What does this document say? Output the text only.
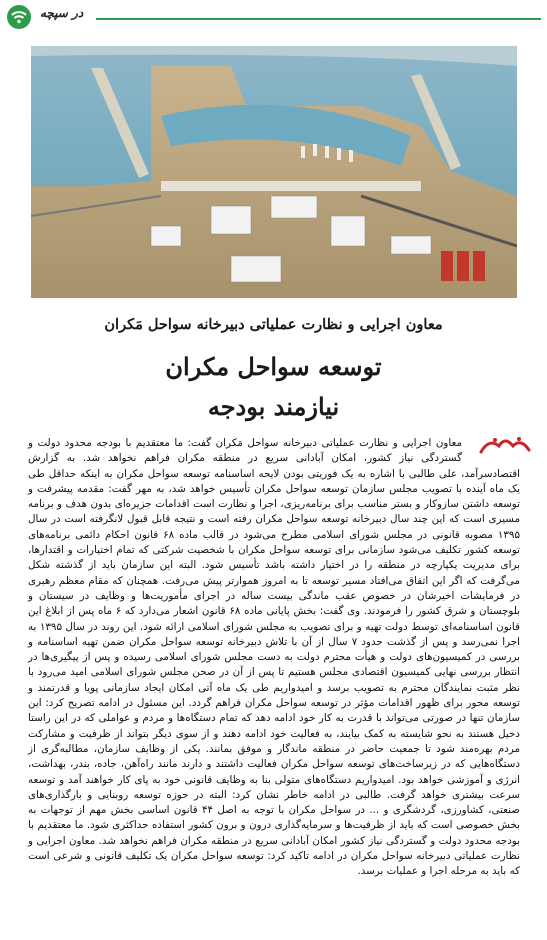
در سپچه
معاون اجرایی و نظارت عملیاتی دبیرخانه سواحل مَکران
توسعه سواحل مکران
نیازمند بودجه

معاون اجرایی و نظارت عملیاتی دبیرخانه سواحل مَکران گفت: ما معتقدیم با بودجه محدود دولت و گستردگی نیاز کشور، امکان آبادانی سریع در منطقه مکران فراهم نخواهد شد. به گزارش اقتصادسرآمد، علی طالبی با اشاره به یک فوریتی بودن لایحه اساسنامه توسعه سواحل مکران به اینکه حداقل طی یک ماه آینده با تصویب مجلس سازمان توسعه سواحل مکران تأسیس خواهد شد، به مهر گفت: مقدمه پیشرفت و توسعه داشتن سازوکار و بستر مناسب برای برنامه‌ریزی، اجرا و نظارت است اقدامات جزیره‌ای بدون هدف و برنامه مسیری است که این چند سال دبیرخانه توسعه سواحل مکران رفته است و نتیجه قابل قبول لانگرفته است در سال ۱۳۹۵ مصوبه قانونی در مجلس شورای اسلامی مطرح می‌شود در قالب ماده ۶۸ قانون احکام دائمی برنامه‌های توسعه کشور تکلیف می‌شود سازمانی برای توسعه سواحل مکران با شخصیت شرکتی که تمام اختیارات و اقتدارها، برای مدیریت یکپارچه در منطقه را در اختیار داشته باشد تأسیس شود. البته این سازمان باید از گذشته شکل می‌گرفت که اگر این اتفاق می‌افتاد مسیر توسعه تا به امروز هموارتر پیش می‌رفت. همچنان که مقام معظم رهبری در فرمایشات اخیرشان در خصوص عقب ماندگی بیست ساله در اجرای مأموریت‌ها و وظایف در سیستان و بلوچستان و شرق کشور را فرمودند. وی گفت: بخش پایانی ماده ۶۸ قانون اشعار می‌دارد که ۶ ماه پس از ابلاغ این قانون اساسنامه‌ای توسط دولت تهیه و برای تصویب به مجلس شورای اسلامی ارائه شود. این روند در سال ۱۳۹۵ به اجرا نمی‌رسد و پس از گذشت حدود ۷ سال از آن با تلاش دبیرخانه توسعه سواحل مکران ضمن تهیه اساسنامه و بررسی در کمیسیون‌های دولت و هیأت محترم دولت به دست مجلس شورای اسلامی رسیده و پس از پیگیری‌ها در انتظار بررسی نهایی کمیسیون اقتصادی مجلس هستیم تا پس از آن در صحن مجلس شورای اسلامی امید می‌رود با نظر مثبت نمایندگان محترم به تصویب برسد و امیدواریم طی یک ماه آتی امکان ایجاد سازمانی پویا و قدرتمند و توسعه محور برای ظهور اقدامات مؤثر در توسعه سواحل مکران فراهم گردد. این مسئول در ادامه تصریح کرد: این سازمان تنها در صورتی می‌تواند با قدرت به کار خود ادامه دهد که تمام دستگاه‌ها و مردم و عواملی که در این راستا دخیل هستند به نحو شایسته به کمک بیایند، به فعالیت خود ادامه دهند و از سوی دیگر بتواند از ظرفیت و مشارکت مردم بهره‌مند شود تا جمعیت حاضر در منطقه ماندگار و موفق بمانند. یکی از وظایف سازمان، مطالبه‌گری از دستگاه‌هایی که در زیرساخت‌های توسعه سواحل مکران فعالیت داشتند و دارند مانند راه‌آهن، جاده، بندر، بهداشت، انرژی و آموزشی خواهد بود. امیدواریم دستگاه‌های متولی بنا به وظایف قانونی خود به پای کار خواهند آمد و توسعه سرعت بیشتری خواهد گرفت. طالبی در ادامه خاطر نشان کرد: البته در حوزه توسعه روبنایی و بارگذاری‌های صنعتی، کشاورزی، گردشگری و ... در سواحل مکران با توجه به اصل ۴۴ قانون اساسی بخش مهم از توجهات به بخش خصوصی است که باید از ظرفیت‌ها و سرمایه‌گذاری درون و برون کشور استفاده حداکثری شود. ما معتقدیم با بودجه محدود دولت و گستردگی نیاز کشور امکان آبادانی سریع در منطقه مکران فراهم نخواهد شد. معاون اجرایی و نظارت عملیاتی دبیرخانه سواحل مکران در ادامه تاکید کرد: توسعه سواحل مکران یک تکلیف قانونی و شرعی است که باید به مرحله اجرا و عملیات برسد.
